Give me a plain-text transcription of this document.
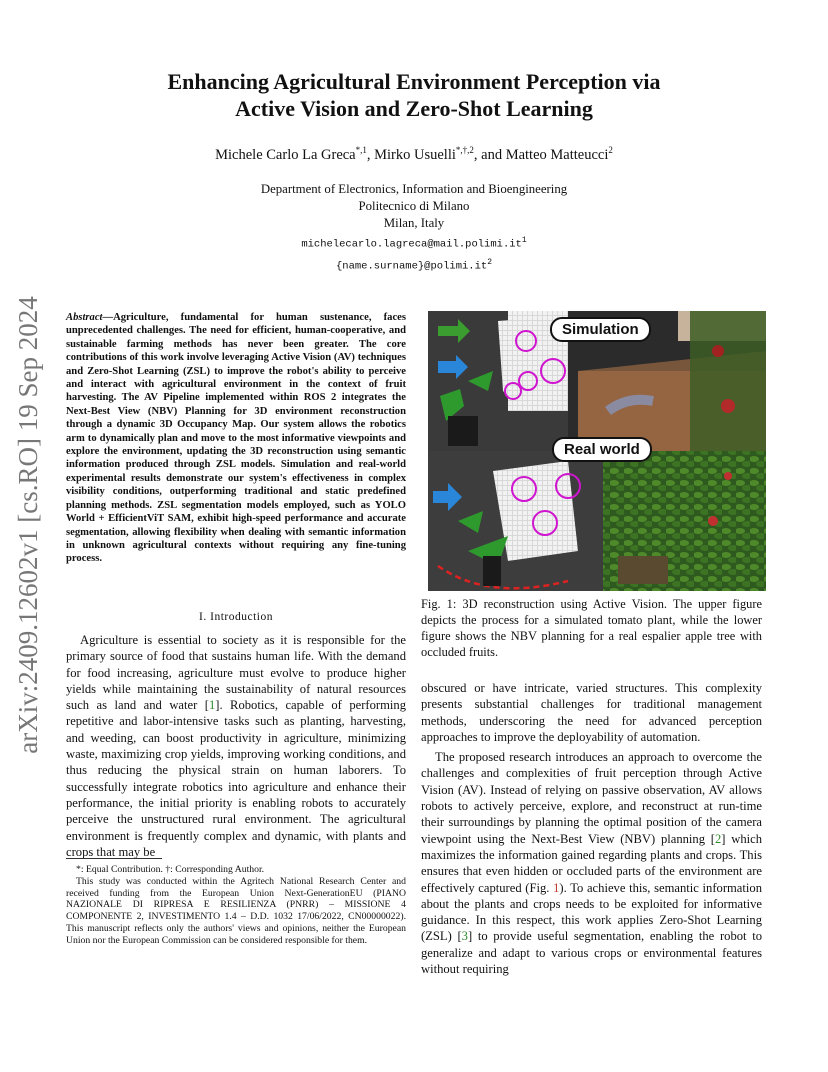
Enhancing Agricultural Environment Perception via
Active Vision and Zero-Shot Learning
Michele Carlo La Greca$^{*,1}$, Mirko Usuelli$^{*,\dagger,2}$, and Matteo Matteucci$^2$
Department of Electronics, Information and Bioengineering
Politecnico di Milano
Milan, Italy
$michelecarlo.lagreca@mail.polimi.it^1$
$\{name.surname\}@polimi.it^2$
arXiv:2409.12602v1 [cs.RO] 19 Sep 2024	Abstract—Agriculture, fundamental for human sustenance, faces unprecedented challenges. The need for efficient, human-cooperative, and sustainable farming methods has never been greater. The core contributions of this work involve leveraging Active Vision (AV) techniques and Zero-Shot Learning (ZSL) to improve the robot's ability to perceive and interact with agricultural environment in the context of fruit harvesting. The AV Pipeline implemented within ROS 2 integrates the Next-Best View (NBV) Planning for 3D environment reconstruction through a dynamic 3D Occupancy Map. Our system allows the robotics arm to dynamically plan and move to the most informative viewpoints and explore the environment, updating the 3D reconstruction using semantic information produced through ZSL models. Simulation and real-world experimental results demonstrate our system's effectiveness in complex visibility conditions, outperforming traditional and static predefined planning methods. ZSL segmentation models employed, such as YOLO World + EfficientViT SAM, exhibit high-speed performance and accurate segmentation, allowing flexibility when dealing with semantic information in unknown agricultural contexts without requiring any fine-tuning process.
I. Introduction
Agriculture is essential to society as it is responsible for the primary source of food that sustains human life. With the demand for food increasing, agriculture must evolve to produce higher yields while maintaining the sustainability of natural resources such as land and water [1]. Robotics, capable of performing repetitive and labor-intensive tasks such as planting, harvesting, and weeding, can boost productivity in agriculture, minimizing waste, maximizing crop yields, improving working conditions, and thus reducing the physical strain on human laborers. To successfully integrate robotics into agriculture and enhance their performance, the initial priority is enabling robots to accurately perceive the unstructured rural environment. The agricultural environment is frequently complex and dynamic, with plants and crops that may be

*: Equal Contribution. †: Corresponding Author.

This study was conducted within the Agritech National Research Center and received funding from the European Union Next-GenerationEU (PIANO NAZIONALE DI RIPRESA E RESILIENZA (PNRR) – MISSIONE 4 COMPONENTE 2, INVESTIMENTO 1.4 – D.D. 1032 17/06/2022, CN00000022). This manuscript reflects only the authors' views and opinions, neither the European Union nor the European Commission can be considered responsible for them.

Simulation
Real world
Fig. 1: 3D reconstruction using Active Vision. The upper figure depicts the process for a simulated tomato plant, while the lower figure shows the NBV planning for a real espalier apple tree with occluded fruits.

obscured or have intricate, varied structures. This complexity presents substantial challenges for traditional management methods, underscoring the need for advanced perception approaches to improve the deployability of automation.

The proposed research introduces an approach to overcome the challenges and complexities of fruit perception through Active Vision (AV). Instead of relying on passive observation, AV allows robots to actively perceive, explore, and reconstruct at run-time their surroundings by planning the optimal position of the camera viewpoint using the Next-Best View (NBV) planning [2] which maximizes the information gained regarding plants and crops. This ensures that even hidden or occluded parts of the environment are effectively captured (Fig. 1). To achieve this, semantic information about the plants and crops needs to be exploited for informative guidance. In this respect, this work applies Zero-Shot Learning (ZSL) [3] to provide useful segmentation, enabling the robot to generalize and adapt to various crops or environmental features without requiring
